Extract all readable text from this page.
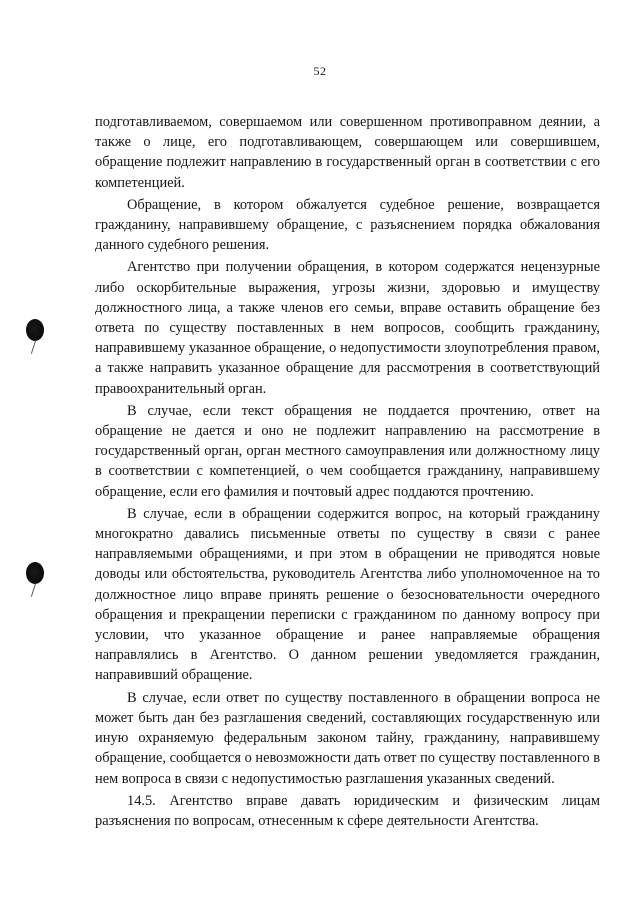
52

подготавливаемом, совершаемом или совершенном противоправном деянии, а также о лице, его подготавливающем, совершающем или совершившем, обращение подлежит направлению в государственный орган в соответствии с его компетенцией.

Обращение, в котором обжалуется судебное решение, возвращается гражданину, направившему обращение, с разъяснением порядка обжалования данного судебного решения.

Агентство при получении обращения, в котором содержатся нецензурные либо оскорбительные выражения, угрозы жизни, здоровью и имуществу должностного лица, а также членов его семьи, вправе оставить обращение без ответа по существу поставленных в нем вопросов, сообщить гражданину, направившему указанное обращение, о недопустимости злоупотребления правом, а также направить указанное обращение для рассмотрения в соответствующий правоохранительный орган.

В случае, если текст обращения не поддается прочтению, ответ на обращение не дается и оно не подлежит направлению на рассмотрение в государственный орган, орган местного самоуправления или должностному лицу в соответствии с компетенцией, о чем сообщается гражданину, направившему обращение, если его фамилия и почтовый адрес поддаются прочтению.

В случае, если в обращении содержится вопрос, на который гражданину многократно давались письменные ответы по существу в связи с ранее направляемыми обращениями, и при этом в обращении не приводятся новые доводы или обстоятельства, руководитель Агентства либо уполномоченное на то должностное лицо вправе принять решение о безосновательности очередного обращения и прекращении переписки с гражданином по данному вопросу при условии, что указанное обращение и ранее направляемые обращения направлялись в Агентство. О данном решении уведомляется гражданин, направивший обращение.

В случае, если ответ по существу поставленного в обращении вопроса не может быть дан без разглашения сведений, составляющих государственную или иную охраняемую федеральным законом тайну, гражданину, направившему обращение, сообщается о невозможности дать ответ по существу поставленного в нем вопроса в связи с недопустимостью разглашения указанных сведений.

14.5. Агентство вправе давать юридическим и физическим лицам разъяснения по вопросам, отнесенным к сфере деятельности Агентства.
